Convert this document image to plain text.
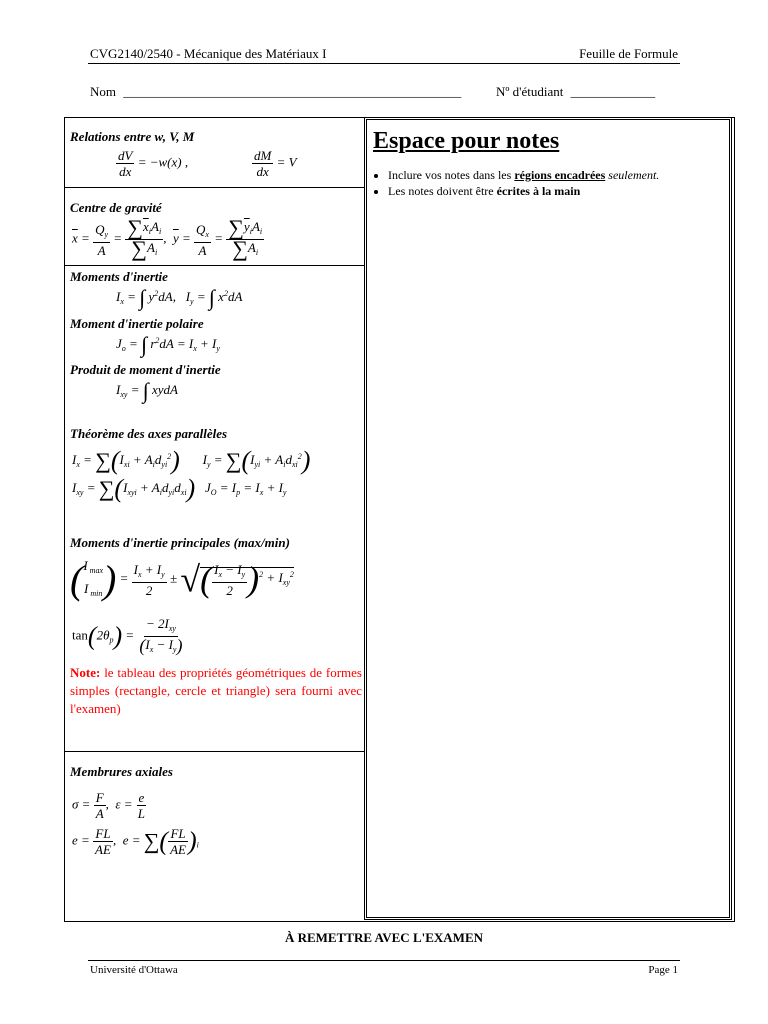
CVG2140/2540 - Mécanique des Matériaux I	Feuille de Formule
Nom ____________________________________________________	Nº d'étudiant _____________
Relations entre w, V, M
$\frac{dV}{dx} = -w(x)$ ,	$\frac{dM}{dx} = V$
Centre de gravité
$\overline{x} = \frac{Q_y}{A} = \frac{\sum\overline{x}_iA_i}{\sum A_i}$ ,  $\overline{y} = \frac{Q_x}{A} = \frac{\sum\overline{y}_iA_i}{\sum A_i}$
Moments d'inertie
$I_x$ = ∫ $y^2dA$,   $I_y$ = ∫ $x^2dA$
Moment d'inertie polaire
$J_o$ = ∫ $r^2dA = I_x + I_y$
Produit de moment d'inertie
$I_{xy}$ = ∫ xydA
Théorème des axes parallèles
$I_x = \sum(I_{xi} + A_id_{yi}^2)$       $I_y = \sum(I_{yi} + A_id_{xi}^2)$
$I_{xy} = \sum(I_{xyi} + A_id_{yi}d_{xi}) J_O = I_p = I_x + I_y$
Moments d'inertie principales (max/min)
( I $_{max}$
I $_{min}$ ) = $\frac{I_x + I_y}{2}$ ± √( $\frac{I_x - I_y}{2} )^2 + I_{xy}^2$
$\tan(2\theta_p) = \frac{- 2I_{xy}}{(I_x - I_y)}$
Note: le tableau des propriétés géométriques de formes simples (rectangle, cercle et triangle) sera fourni avec l'examen)
Membrures axiales
$\sigma = \frac{F}{A}$ ,  $\varepsilon = \frac{e}{L}$
$e = \frac{FL}{AE}$ ,  e = ∑( $\frac{FL}{AE} )_i$
Espace pour notes
• Inclure vos notes dans les régions encadrées seulement.
• Les notes doivent être écrites à la main
À REMETTRE AVEC L'EXAMEN
Université d'Ottawa	Page 1
